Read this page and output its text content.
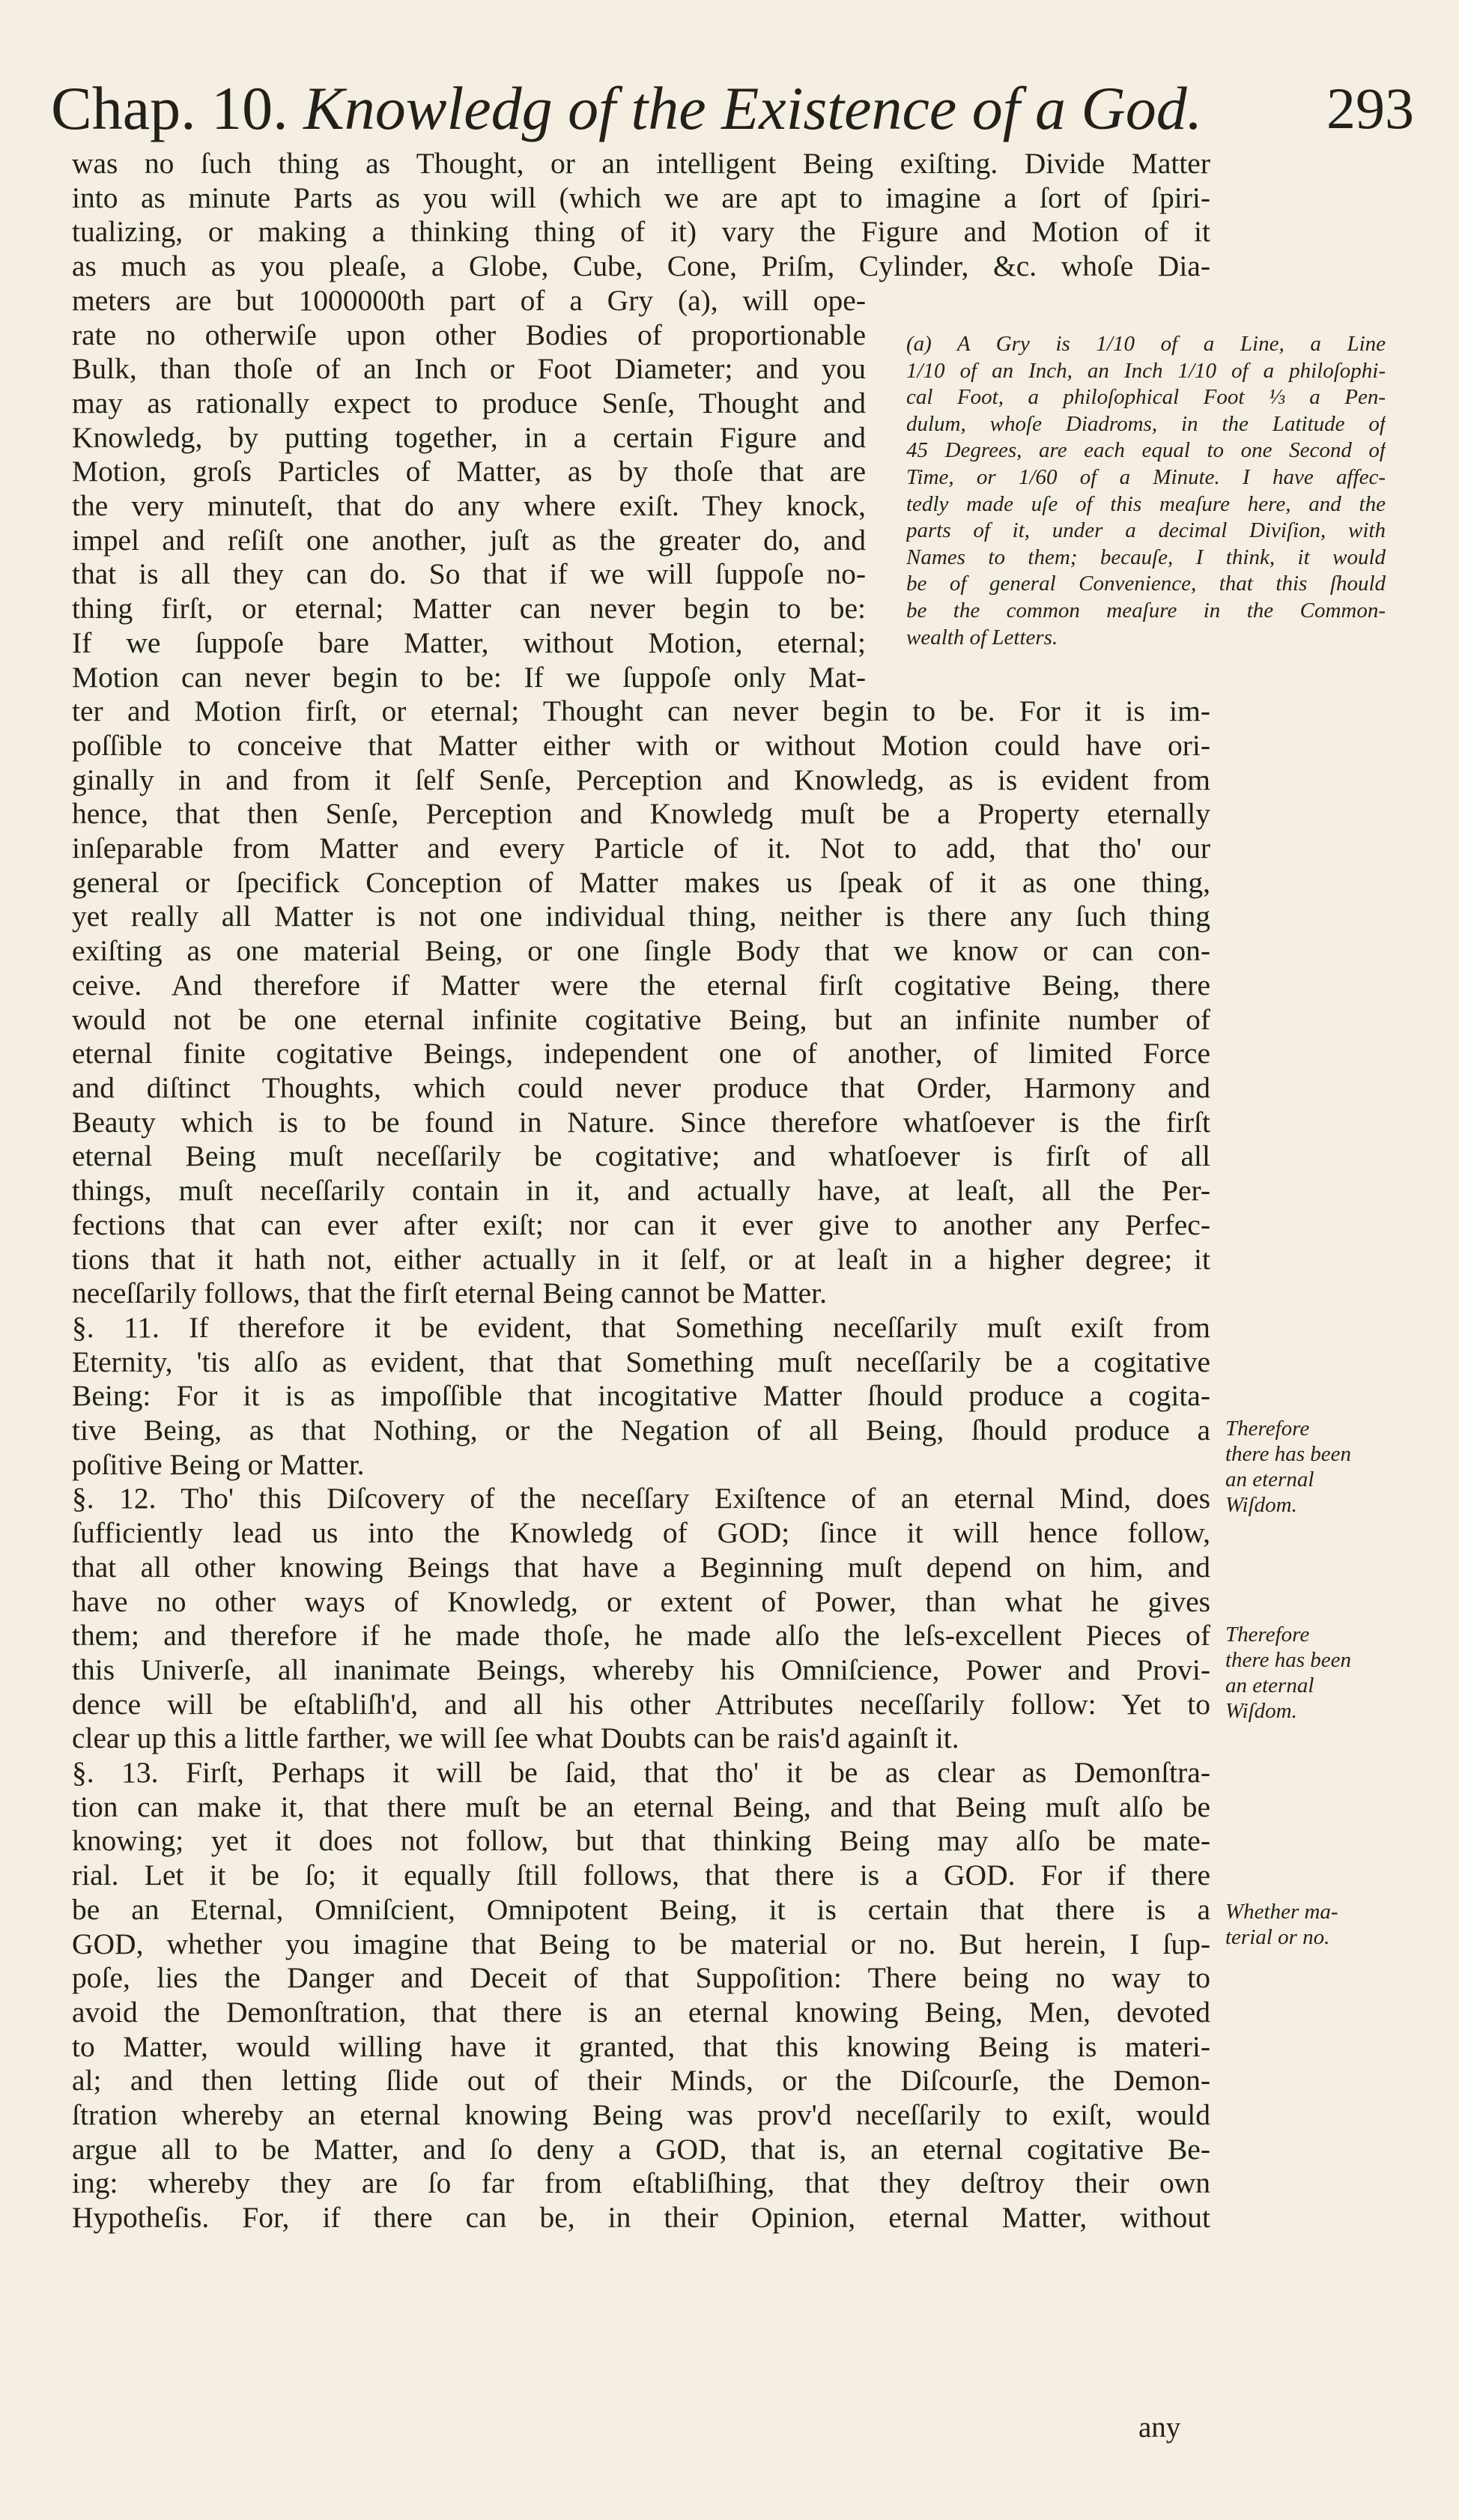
Chap. 10. Knowledg of the Existence of a God. 293
was no ſuch thing as Thought, or an intelligent Being exiſting. Divide Matter
into as minute Parts as you will (which we are apt to imagine a ſort of ſpiri-
tualizing, or making a thinking thing of it) vary the Figure and Motion of it
as much as you pleaſe, a Globe, Cube, Cone, Priſm, Cylinder, &c. whoſe Dia-
meters are but 1000000th part of a Gry (a), will ope-
rate no otherwiſe upon other Bodies of proportionable
Bulk, than thoſe of an Inch or Foot Diameter; and you
may as rationally expect to produce Senſe, Thought and
Knowledg, by putting together, in a certain Figure and
Motion, groſs Particles of Matter, as by thoſe that are
the very minuteſt, that do any where exiſt. They knock,
impel and reſiſt one another, juſt as the greater do, and
that is all they can do. So that if we will ſuppoſe no-
thing firſt, or eternal; Matter can never begin to be:
If we ſuppoſe bare Matter, without Motion, eternal;
Motion can never begin to be: If we ſuppoſe only Mat-
ter and Motion firſt, or eternal; Thought can never begin to be. For it is im-
poſſible to conceive that Matter either with or without Motion could have ori-
ginally in and from it ſelf Senſe, Perception and Knowledg, as is evident from
hence, that then Senſe, Perception and Knowledg muſt be a Property eternally
inſeparable from Matter and every Particle of it. Not to add, that tho' our
general or ſpecifick Conception of Matter makes us ſpeak of it as one thing,
yet really all Matter is not one individual thing, neither is there any ſuch thing
exiſting as one material Being, or one ſingle Body that we know or can con-
ceive. And therefore if Matter were the eternal firſt cogitative Being, there
would not be one eternal infinite cogitative Being, but an infinite number of
eternal finite cogitative Beings, independent one of another, of limited Force
and diſtinct Thoughts, which could never produce that Order, Harmony and
Beauty which is to be found in Nature. Since therefore whatſoever is the firſt
eternal Being muſt neceſſarily be cogitative; and whatſoever is firſt of all
things, muſt neceſſarily contain in it, and actually have, at leaſt, all the Per-
fections that can ever after exiſt; nor can it ever give to another any Perfec-
tions that it hath not, either actually in it ſelf, or at leaſt in a higher degree; it
neceſſarily follows, that the firſt eternal Being cannot be Matter.
§. 11. If therefore it be evident, that Something neceſſarily muſt exiſt from
Eternity, 'tis alſo as evident, that that Something muſt neceſſarily be a cogitative
Being: For it is as impoſſible that incogitative Matter ſhould produce a cogita-
tive Being, as that Nothing, or the Negation of all Being, ſhould produce a
poſitive Being or Matter.
§. 12. Tho' this Diſcovery of the neceſſary Exiſtence of an eternal Mind, does
ſufficiently lead us into the Knowledg of GOD; ſince it will hence follow,
that all other knowing Beings that have a Beginning muſt depend on him, and
have no other ways of Knowledg, or extent of Power, than what he gives
them; and therefore if he made thoſe, he made alſo the leſs-excellent Pieces of
this Univerſe, all inanimate Beings, whereby his Omniſcience, Power and Provi-
dence will be eſtabliſh'd, and all his other Attributes neceſſarily follow: Yet to
clear up this a little farther, we will ſee what Doubts can be rais'd againſt it.
§. 13. Firſt, Perhaps it will be ſaid, that tho' it be as clear as Demonſtra-
tion can make it, that there muſt be an eternal Being, and that Being muſt alſo be
knowing; yet it does not follow, but that thinking Being may alſo be mate-
rial. Let it be ſo; it equally ſtill follows, that there is a GOD. For if there
be an Eternal, Omniſcient, Omnipotent Being, it is certain that there is a
GOD, whether you imagine that Being to be material or no. But herein, I ſup-
poſe, lies the Danger and Deceit of that Suppoſition: There being no way to
avoid the Demonſtration, that there is an eternal knowing Being, Men, devoted
to Matter, would willing have it granted, that this knowing Being is materi-
al; and then letting ſlide out of their Minds, or the Diſcourſe, the Demon-
ſtration whereby an eternal knowing Being was prov'd neceſſarily to exiſt, would
argue all to be Matter, and ſo deny a GOD, that is, an eternal cogitative Be-
ing: whereby they are ſo far from eſtabliſhing, that they deſtroy their own
Hypotheſis. For, if there can be, in their Opinion, eternal Matter, without
(a) A Gry is 1/10 of a Line, a Line
1/10 of an Inch, an Inch 1/10 of a philoſophi-
cal Foot, a philoſophical Foot ⅓ a Pen-
dulum, whoſe Diadroms, in the Latitude of
45 Degrees, are each equal to one Second of
Time, or 1/60 of a Minute. I have affec-
tedly made uſe of this meaſure here, and the
parts of it, under a decimal Diviſion, with
Names to them; becauſe, I think, it would
be of general Convenience, that this ſhould
be the common meaſure in the Common-
wealth of Letters.
Therefore
there has been
an eternal
Wiſdom.
Therefore
there has been
an eternal
Wiſdom.
Whether ma-
terial or no.
any
